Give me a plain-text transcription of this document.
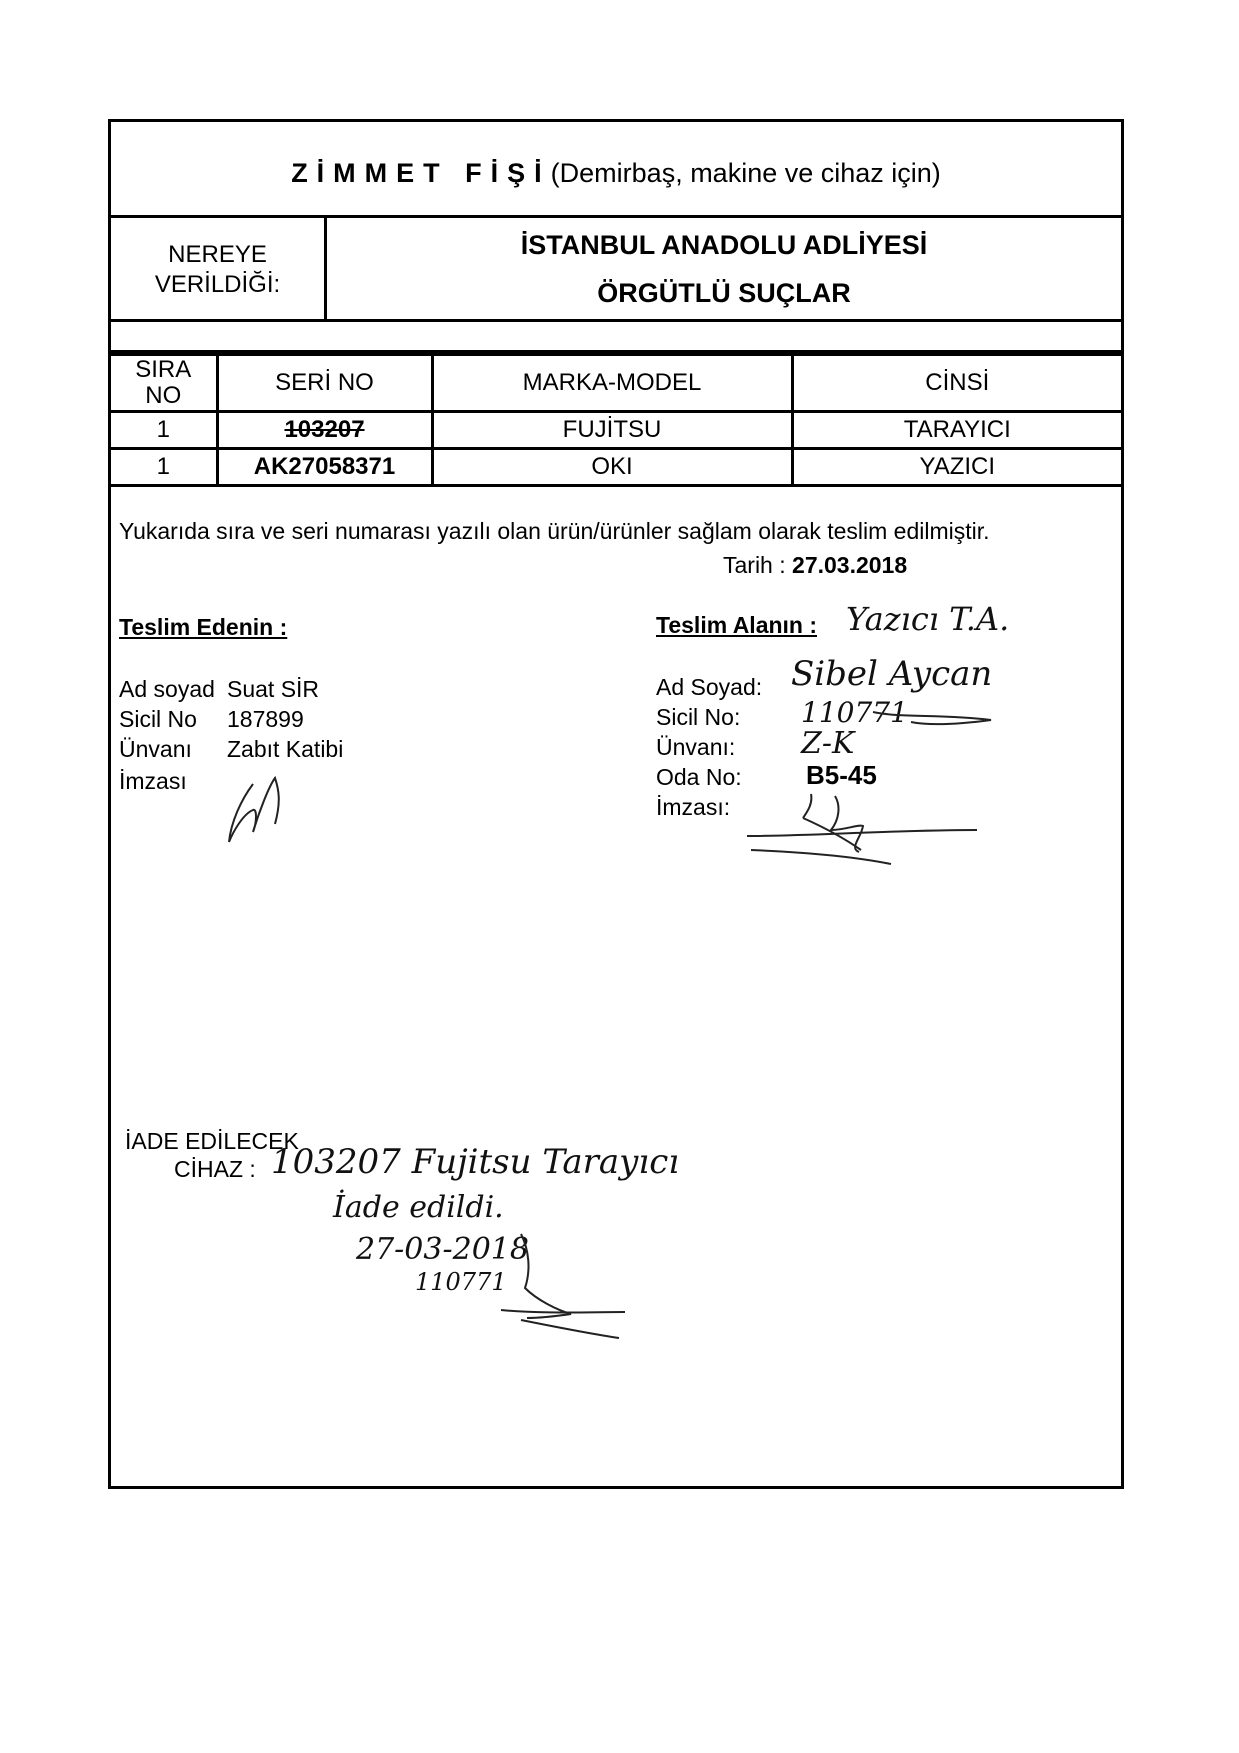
ZİMMET FİŞİ(Demirbaş, makine ve cihaz için)
NEREYE
VERİLDİĞİ:
İSTANBUL ANADOLU ADLİYESİ
ÖRGÜTLÜ SUÇLAR
SIRA NO	SERİ NO	MARKA-MODEL	CİNSİ
1	103207	FUJİTSU	TARAYICI
1	AK27058371	OKI	YAZICI
Yukarıda sıra ve seri numarası yazılı olan ürün/ürünler sağlam olarak teslim edilmiştir.
Tarih : 27.03.2018
Teslim Edenin :
Ad soyad Suat SİR
Sicil No 187899
Ünvanı Zabıt Katibi
İmzası
Teslim Alanın : Yazıcı T.A.
Ad Soyad: Sibel Aycan
Sicil No: 110771
Ünvanı: Z-K
Oda No: B5-45
İmzası:
İADE EDİLECEK
CİHAZ : 103207 Fujitsu Tarayıcı
İade edildi.
27-03-2018
110771
